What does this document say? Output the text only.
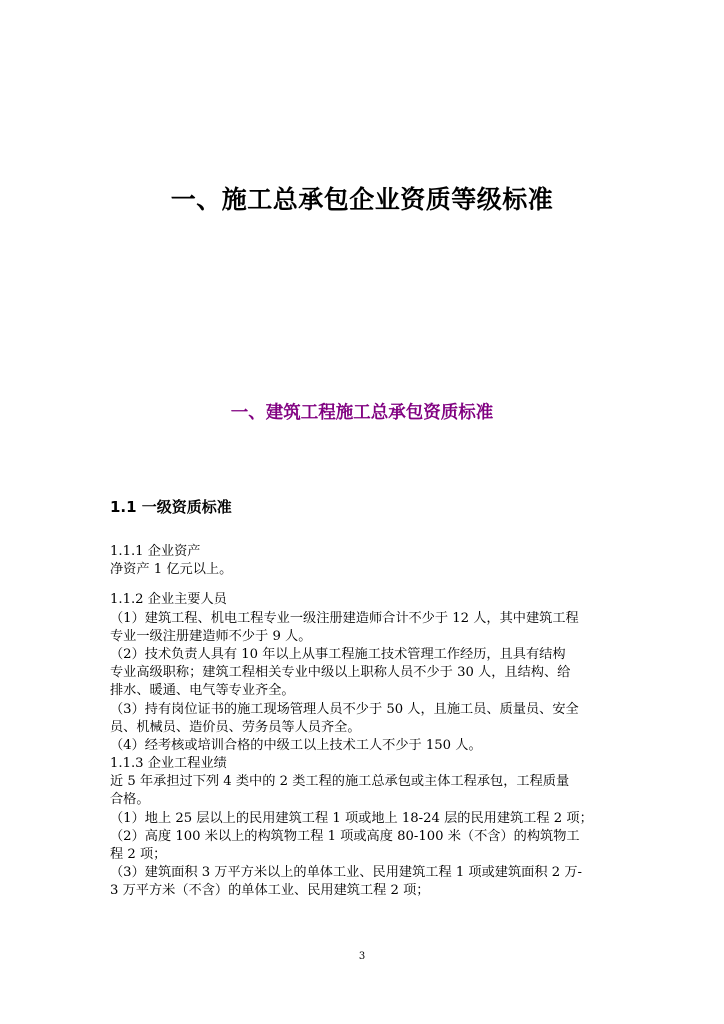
一、施工总承包企业资质等级标准
一、建筑工程施工总承包资质标准
1.1 一级资质标准
1.1.1 企业资产
净资产 1 亿元以上。
1.1.2 企业主要人员
（1）建筑工程、机电工程专业一级注册建造师合计不少于 12 人，其中建筑工程
专业一级注册建造师不少于 9 人。
（2）技术负责人具有 10 年以上从事工程施工技术管理工作经历，且具有结构
专业高级职称；建筑工程相关专业中级以上职称人员不少于 30 人，且结构、给
排水、暖通、电气等专业齐全。
（3）持有岗位证书的施工现场管理人员不少于 50 人，且施工员、质量员、安全
员、机械员、造价员、劳务员等人员齐全。
（4）经考核或培训合格的中级工以上技术工人不少于 150 人。
1.1.3 企业工程业绩
近 5 年承担过下列 4 类中的 2 类工程的施工总承包或主体工程承包，工程质量
合格。
（1）地上 25 层以上的民用建筑工程 1 项或地上 18-24 层的民用建筑工程 2 项；
（2）高度 100 米以上的构筑物工程 1 项或高度 80-100 米（不含）的构筑物工
程 2 项；
（3）建筑面积 3 万平方米以上的单体工业、民用建筑工程 1 项或建筑面积 2 万-
3 万平方米（不含）的单体工业、民用建筑工程 2 项；
3
